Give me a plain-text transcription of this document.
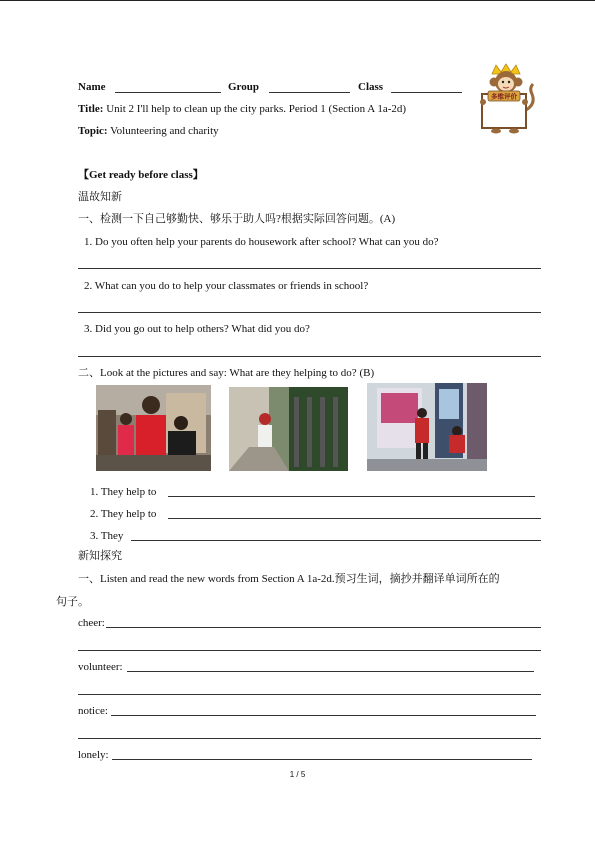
Name	Group	Class
Title: Unit 2 I'll help to clean up the city parks. Period 1 (Section A 1a-2d)
Topic: Volunteering and charity
多维评价
【Get ready before class】
温故知新
一、检测一下自己够勤快、够乐于助人吗?根据实际回答问题。(A)
1. Do you often help your parents do housework after school? What can you do?
2. What can you do to help your classmates or friends in school?
3. Did you go out to help others? What did you do?
二、Look at the pictures and say: What are they helping to do? (B)
1. They help to
2. They help to
3. They
新知探究
一、Listen and read the new words from Section A 1a-2d.预习生词，摘抄并翻译单词所在的
句子。
cheer:
volunteer:
notice:
lonely:
1 / 5
